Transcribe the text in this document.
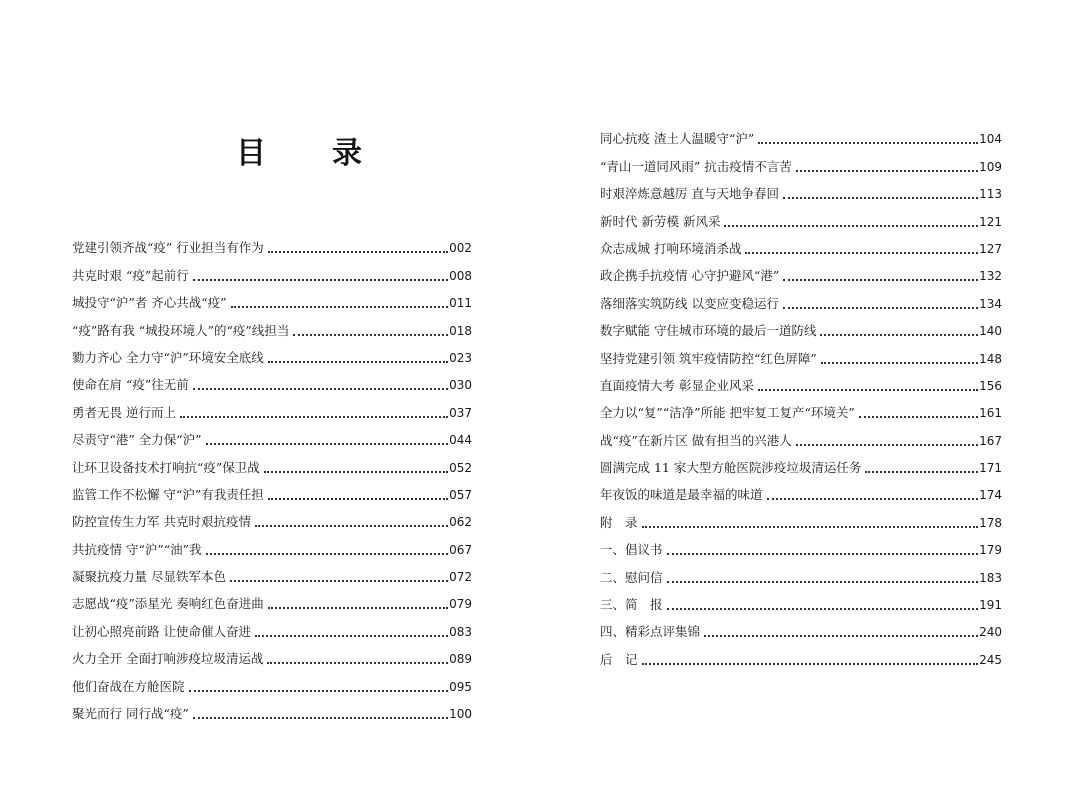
目　录
党建引领齐战“疫” 行业担当有作为	002
共克时艰 “疫”起前行	008
城投守“沪”者 齐心共战“疫”	011
“疫”路有我 “城投环境人”的“疫”线担当	018
勠力齐心 全力守“沪”环境安全底线	023
使命在肩 “疫”往无前	030
勇者无畏 逆行而上	037
尽责守“港” 全力保“沪”	044
让环卫设备技术打响抗“疫”保卫战	052
监管工作不松懈 守“沪”有我责任担	057
防控宣传生力军 共克时艰抗疫情	062
共抗疫情 守“沪”“油”我	067
凝聚抗疫力量 尽显铁军本色	072
志愿战“疫”添星光 奏响红色奋进曲	079
让初心照亮前路 让使命催人奋进	083
火力全开 全面打响涉疫垃圾清运战	089
他们奋战在方舱医院	095
聚光而行 同行战“疫”	100
同心抗疫 渣土人温暖守“沪”	104
“青山一道同风雨” 抗击疫情不言苦	109
时艰淬炼意越厉 直与天地争春回	113
新时代 新劳模 新风采	121
众志成城 打响环境消杀战	127
政企携手抗疫情 心守护避风“港”	132
落细落实筑防线 以变应变稳运行	134
数字赋能 守住城市环境的最后一道防线	140
坚持党建引领 筑牢疫情防控“红色屏障”	148
直面疫情大考 彰显企业风采	156
全力以“复”“洁净”所能 把牢复工复产“环境关”	161
战“疫”在新片区 做有担当的兴港人	167
圆满完成 11 家大型方舱医院涉疫垃圾清运任务	171
年夜饭的味道是最幸福的味道	174
附　录	178
一、倡议书	179
二、慰问信	183
三、简　报	191
四、精彩点评集锦	240
后　记	245
